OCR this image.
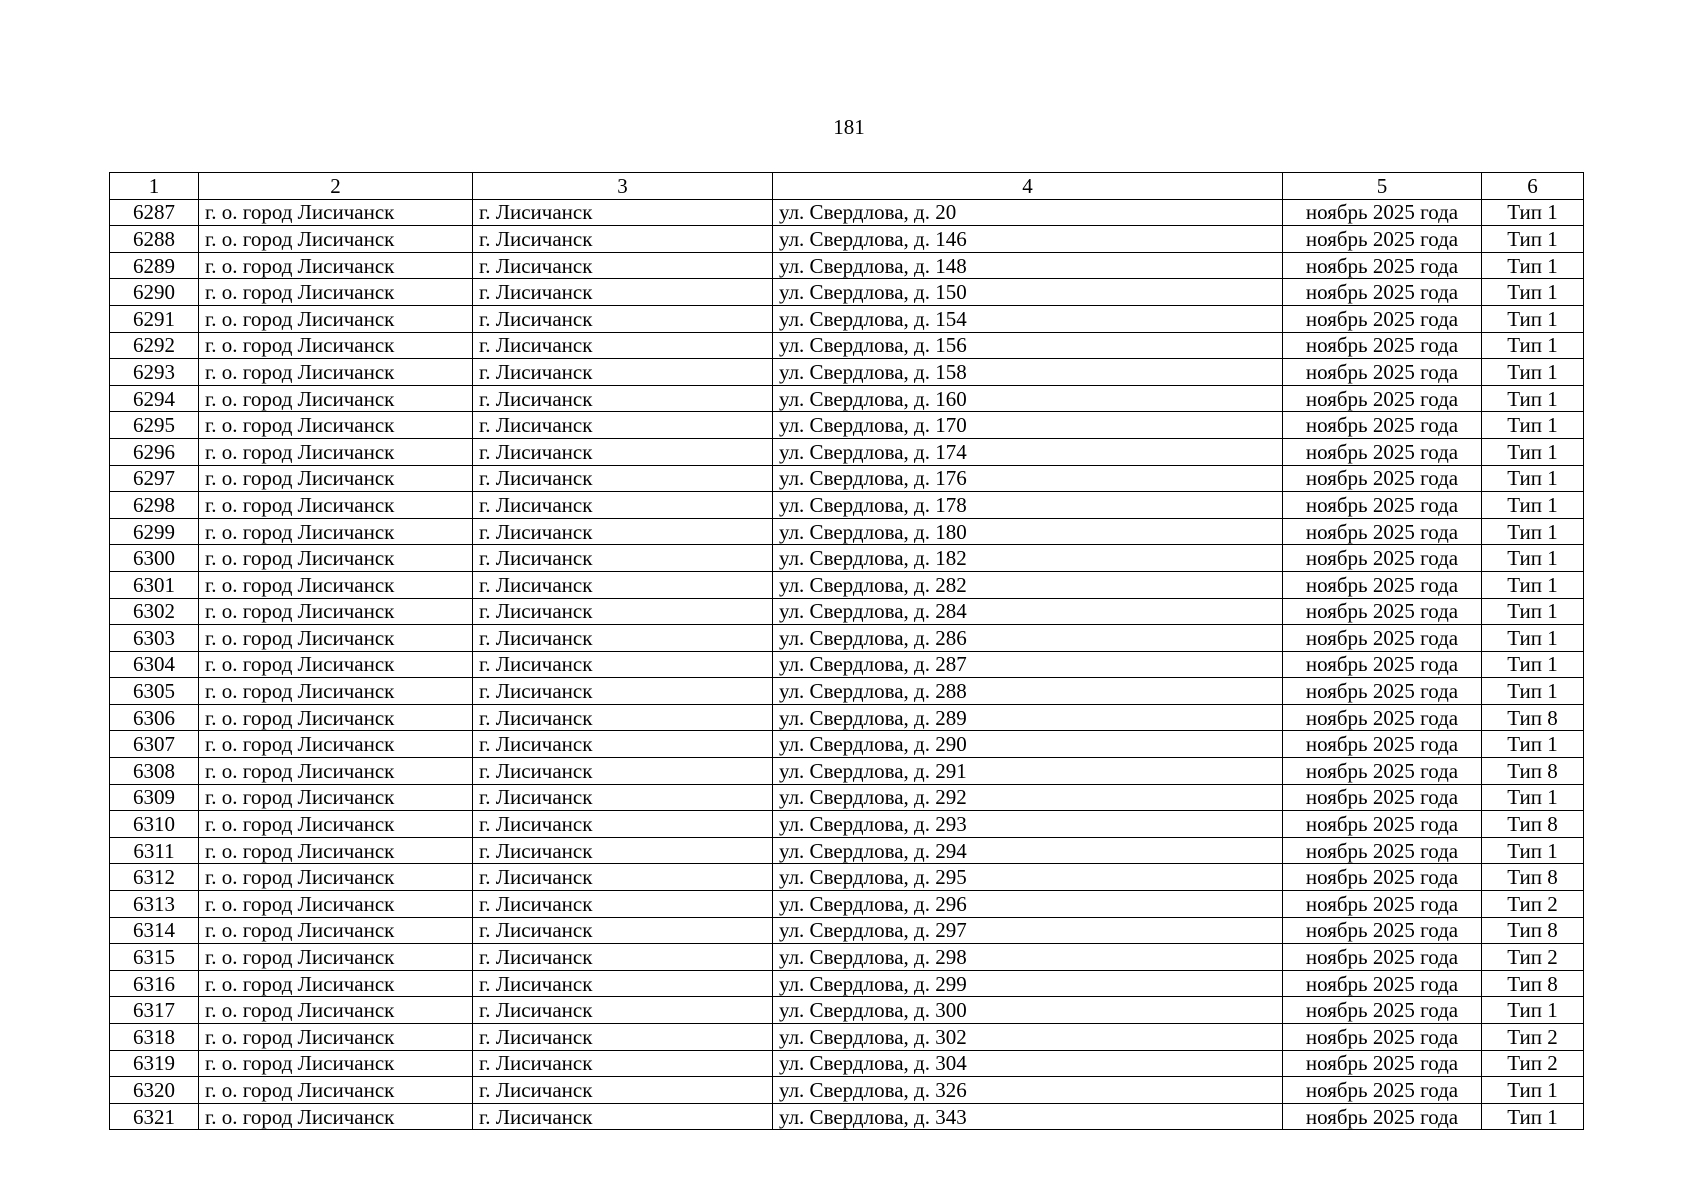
181
1	2	3	4	5	6
6287	г. о. город Лисичанск	г. Лисичанск	ул. Свердлова, д. 20	ноябрь 2025 года	Тип 1
6288	г. о. город Лисичанск	г. Лисичанск	ул. Свердлова, д. 146	ноябрь 2025 года	Тип 1
6289	г. о. город Лисичанск	г. Лисичанск	ул. Свердлова, д. 148	ноябрь 2025 года	Тип 1
6290	г. о. город Лисичанск	г. Лисичанск	ул. Свердлова, д. 150	ноябрь 2025 года	Тип 1
6291	г. о. город Лисичанск	г. Лисичанск	ул. Свердлова, д. 154	ноябрь 2025 года	Тип 1
6292	г. о. город Лисичанск	г. Лисичанск	ул. Свердлова, д. 156	ноябрь 2025 года	Тип 1
6293	г. о. город Лисичанск	г. Лисичанск	ул. Свердлова, д. 158	ноябрь 2025 года	Тип 1
6294	г. о. город Лисичанск	г. Лисичанск	ул. Свердлова, д. 160	ноябрь 2025 года	Тип 1
6295	г. о. город Лисичанск	г. Лисичанск	ул. Свердлова, д. 170	ноябрь 2025 года	Тип 1
6296	г. о. город Лисичанск	г. Лисичанск	ул. Свердлова, д. 174	ноябрь 2025 года	Тип 1
6297	г. о. город Лисичанск	г. Лисичанск	ул. Свердлова, д. 176	ноябрь 2025 года	Тип 1
6298	г. о. город Лисичанск	г. Лисичанск	ул. Свердлова, д. 178	ноябрь 2025 года	Тип 1
6299	г. о. город Лисичанск	г. Лисичанск	ул. Свердлова, д. 180	ноябрь 2025 года	Тип 1
6300	г. о. город Лисичанск	г. Лисичанск	ул. Свердлова, д. 182	ноябрь 2025 года	Тип 1
6301	г. о. город Лисичанск	г. Лисичанск	ул. Свердлова, д. 282	ноябрь 2025 года	Тип 1
6302	г. о. город Лисичанск	г. Лисичанск	ул. Свердлова, д. 284	ноябрь 2025 года	Тип 1
6303	г. о. город Лисичанск	г. Лисичанск	ул. Свердлова, д. 286	ноябрь 2025 года	Тип 1
6304	г. о. город Лисичанск	г. Лисичанск	ул. Свердлова, д. 287	ноябрь 2025 года	Тип 1
6305	г. о. город Лисичанск	г. Лисичанск	ул. Свердлова, д. 288	ноябрь 2025 года	Тип 1
6306	г. о. город Лисичанск	г. Лисичанск	ул. Свердлова, д. 289	ноябрь 2025 года	Тип 8
6307	г. о. город Лисичанск	г. Лисичанск	ул. Свердлова, д. 290	ноябрь 2025 года	Тип 1
6308	г. о. город Лисичанск	г. Лисичанск	ул. Свердлова, д. 291	ноябрь 2025 года	Тип 8
6309	г. о. город Лисичанск	г. Лисичанск	ул. Свердлова, д. 292	ноябрь 2025 года	Тип 1
6310	г. о. город Лисичанск	г. Лисичанск	ул. Свердлова, д. 293	ноябрь 2025 года	Тип 8
6311	г. о. город Лисичанск	г. Лисичанск	ул. Свердлова, д. 294	ноябрь 2025 года	Тип 1
6312	г. о. город Лисичанск	г. Лисичанск	ул. Свердлова, д. 295	ноябрь 2025 года	Тип 8
6313	г. о. город Лисичанск	г. Лисичанск	ул. Свердлова, д. 296	ноябрь 2025 года	Тип 2
6314	г. о. город Лисичанск	г. Лисичанск	ул. Свердлова, д. 297	ноябрь 2025 года	Тип 8
6315	г. о. город Лисичанск	г. Лисичанск	ул. Свердлова, д. 298	ноябрь 2025 года	Тип 2
6316	г. о. город Лисичанск	г. Лисичанск	ул. Свердлова, д. 299	ноябрь 2025 года	Тип 8
6317	г. о. город Лисичанск	г. Лисичанск	ул. Свердлова, д. 300	ноябрь 2025 года	Тип 1
6318	г. о. город Лисичанск	г. Лисичанск	ул. Свердлова, д. 302	ноябрь 2025 года	Тип 2
6319	г. о. город Лисичанск	г. Лисичанск	ул. Свердлова, д. 304	ноябрь 2025 года	Тип 2
6320	г. о. город Лисичанск	г. Лисичанск	ул. Свердлова, д. 326	ноябрь 2025 года	Тип 1
6321	г. о. город Лисичанск	г. Лисичанск	ул. Свердлова, д. 343	ноябрь 2025 года	Тип 1
